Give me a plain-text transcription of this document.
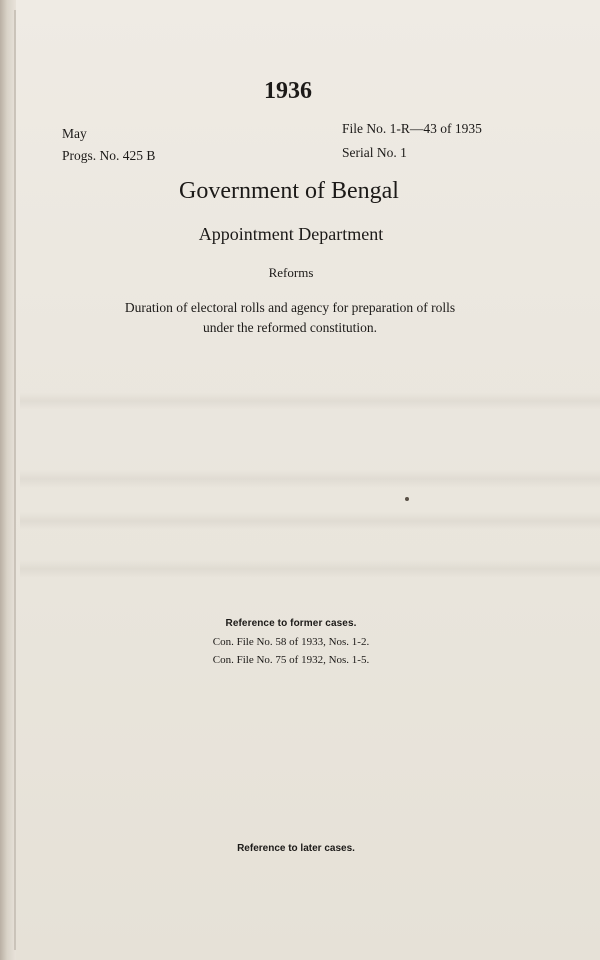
1936
May
Progs. No. 425 B
File No. 1-R—43 of 1935
Serial No. 1
Government of Bengal
Appointment Department
Reforms
Duration of electoral rolls and agency for preparation of rolls
under the reformed constitution.
Reference to former cases.
Con. File No. 58 of 1933, Nos. 1-2.
Con. File No. 75 of 1932, Nos. 1-5.
Reference to later cases.
